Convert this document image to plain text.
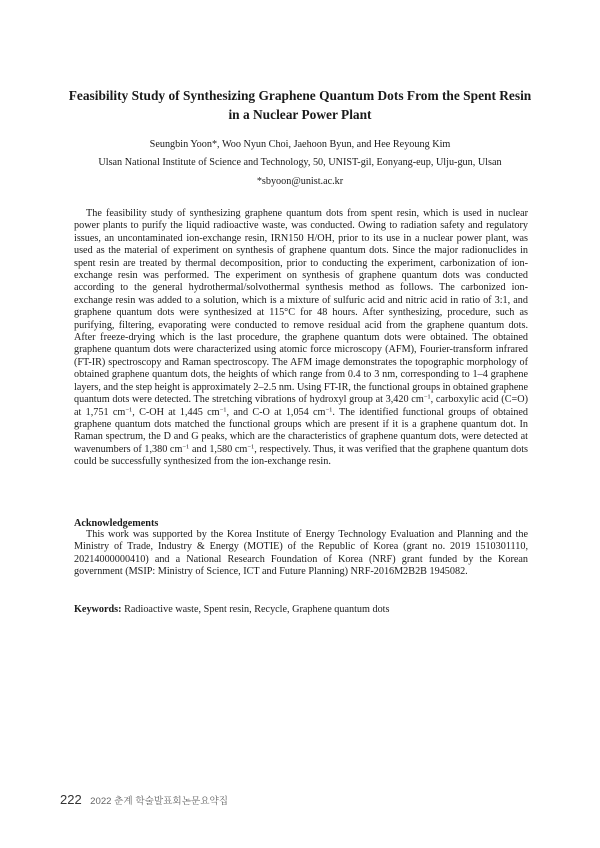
Feasibility Study of Synthesizing Graphene Quantum Dots From the Spent Resin
in a Nuclear Power Plant
Seungbin Yoon*, Woo Nyun Choi, Jaehoon Byun, and Hee Reyoung Kim
Ulsan National Institute of Science and Technology, 50, UNIST-gil, Eonyang-eup, Ulju-gun, Ulsan
*sbyoon@unist.ac.kr

The feasibility study of synthesizing graphene quantum dots from spent resin, which is used in nuclear power plants to purify the liquid radioactive waste, was conducted. Owing to radiation safety and regulatory issues, an uncontaminated ion-exchange resin, IRN150 H/OH, prior to its use in a nuclear power plant, was used as the material of experiment on synthesis of graphene quantum dots. Since the major radionuclides in spent resin are treated by thermal decomposition, prior to conducting the experiment, carbonization of ion-exchange resin was performed. The experiment on synthesis of graphene quantum dots was conducted according to the general hydrothermal/solvothermal synthesis method as follows. The carbonized ion-exchange resin was added to a solution, which is a mixture of sulfuric acid and nitric acid in ratio of 3:1, and graphene quantum dots were synthesized at 115°C for 48 hours. After synthesizing, procedure, such as purifying, filtering, evaporating were conducted to remove residual acid from the graphene quantum dots. After freeze-drying which is the last procedure, the graphene quantum dots were obtained. The obtained graphene quantum dots were characterized using atomic force microscopy (AFM), Fourier-transform infrared (FT-IR) spectroscopy and Raman spectroscopy. The AFM image demonstrates the topographic morphology of obtained graphene quantum dots, the heights of which range from 0.4 to 3 nm, corresponding to 1–4 graphene layers, and the step height is approximately 2–2.5 nm. Using FT-IR, the functional groups in obtained graphene quantum dots were detected. The stretching vibrations of hydroxyl group at 3,420 $cm^{-1}$, carboxylic acid (C=O) at 1,751 $cm^{-1}$, C-OH at 1,445 $cm^{-1}$, and C-O at 1,054 $cm^{-1}$. The identified functional groups of obtained graphene quantum dots matched the functional groups which are present if it is a graphene quantum dot. In Raman spectrum, the D and G peaks, which are the characteristics of graphene quantum dots, were detected at wavenumbers of 1,380 $cm^{-1}$ and 1,580 $cm^{-1}$, respectively. Thus, it was verified that the graphene quantum dots could be successfully synthesized from the ion-exchange resin.

Acknowledgements

This work was supported by the Korea Institute of Energy Technology Evaluation and Planning and the Ministry of Trade, Industry & Energy (MOTIE) of the Republic of Korea (grant no. 2019 1510301110, 20214000000410) and a National Research Foundation of Korea (NRF) grant funded by the Korean government (MSIP: Ministry of Science, ICT and Future Planning) NRF-2016M2B2B 1945082.

Keywords: Radioactive waste, Spent resin, Recycle, Graphene quantum dots
222 2022 춘계 학술발표회논문요약집
